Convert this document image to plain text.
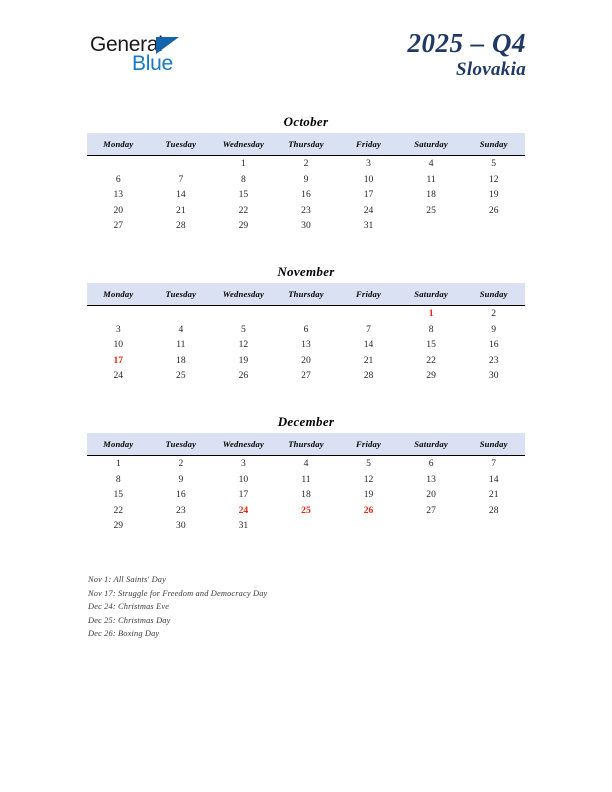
General
Blue
2025 – Q4
Slovakia
October
Monday	Tuesday	Wednesday	Thursday	Friday	Saturday	Sunday
		1	2	3	4	5
6	7	8	9	10	11	12
13	14	15	16	17	18	19
20	21	22	23	24	25	26
27	28	29	30	31		
November
Monday	Tuesday	Wednesday	Thursday	Friday	Saturday	Sunday
					1	2
3	4	5	6	7	8	9
10	11	12	13	14	15	16
17	18	19	20	21	22	23
24	25	26	27	28	29	30
December
Monday	Tuesday	Wednesday	Thursday	Friday	Saturday	Sunday
1	2	3	4	5	6	7
8	9	10	11	12	13	14
15	16	17	18	19	20	21
22	23	24	25	26	27	28
29	30	31				
Nov 1: All Saints' Day
Nov 17: Struggle for Freedom and Democracy Day
Dec 24: Christmas Eve
Dec 25: Christmas Day
Dec 26: Boxing Day
